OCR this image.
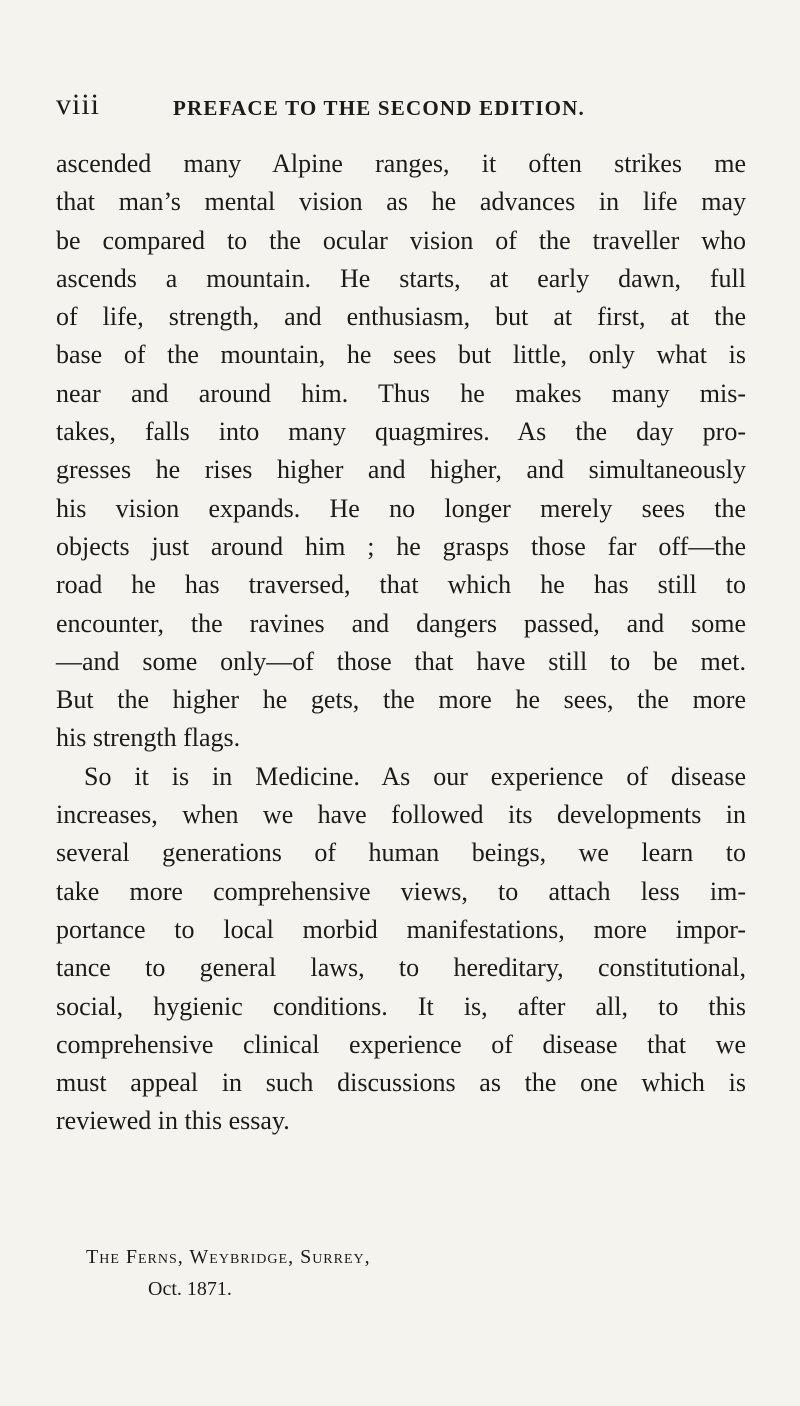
viii	PREFACE TO THE SECOND EDITION.
ascended many Alpine ranges, it often strikes me
that man’s mental vision as he advances in life may
be compared to the ocular vision of the traveller who
ascends a mountain. He starts, at early dawn, full
of life, strength, and enthusiasm, but at first, at the
base of the mountain, he sees but little, only what is
near and around him. Thus he makes many mis-
takes, falls into many quagmires. As the day pro-
gresses he rises higher and higher, and simultaneously
his vision expands. He no longer merely sees the
objects just around him ; he grasps those far off—the
road he has traversed, that which he has still to
encounter, the ravines and dangers passed, and some
—and some only—of those that have still to be met.
But the higher he gets, the more he sees, the more
his strength flags.
So it is in Medicine. As our experience of disease
increases, when we have followed its developments in
several generations of human beings, we learn to
take more comprehensive views, to attach less im-
portance to local morbid manifestations, more impor-
tance to general laws, to hereditary, constitutional,
social, hygienic conditions. It is, after all, to this
comprehensive clinical experience of disease that we
must appeal in such discussions as the one which is
reviewed in this essay.
The Ferns, Weybridge, Surrey,
Oct. 1871.
